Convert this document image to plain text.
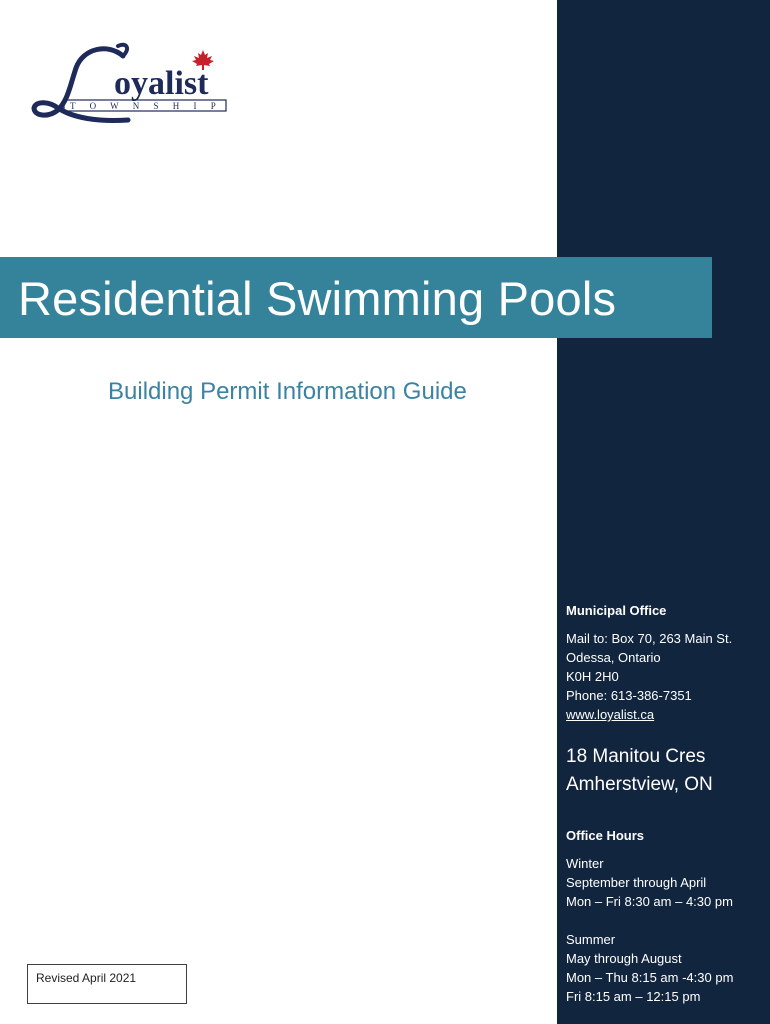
oyalist
T O W N S H I P
Residential Swimming Pools
Building Permit Information Guide
Municipal Office
Mail to: Box 70, 263 Main St.
Odessa, Ontario
K0H 2H0
Phone: 613-386-7351
www.loyalist.ca
18 Manitou Cres
Amherstview, ON
Office Hours
Winter
September through April
Mon – Fri 8:30 am – 4:30 pm
Summer
May through August
Mon – Thu 8:15 am -4:30 pm
Fri 8:15 am – 12:15 pm
Revised April 2021
